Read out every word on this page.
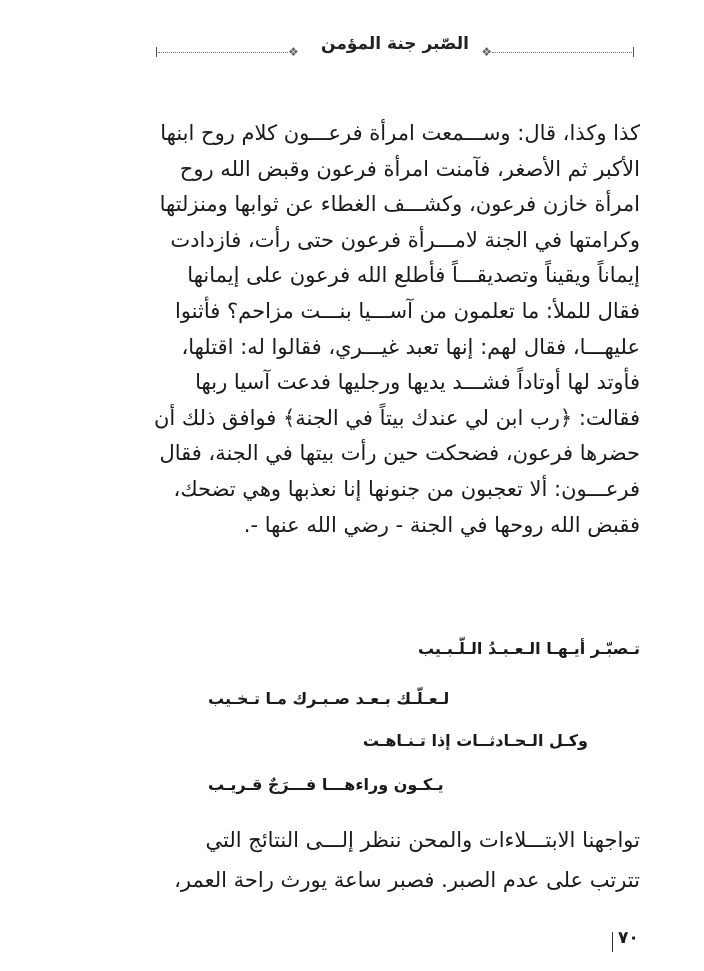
❖	الصّبر جنة المؤمن	❖
كذا وكذا، قال: وســـمعت امرأة فرعـــون كلام روح ابنها
الأكبر ثم الأصغر، فآمنت امرأة فرعون وقبض الله روح
امرأة خازن فرعون، وكشـــف الغطاء عن ثوابها ومنزلتها
وكرامتها في الجنة لامـــرأة فرعون حتى رأت، فازدادت
إيماناً ويقيناً وتصديقـــاً فأطلع الله فرعون على إيمانها
فقال للملأ: ما تعلمون من آســـيا بنـــت مزاحم؟ فأثنوا
عليهـــا، فقال لهم: إنها تعبد غيـــري، فقالوا له: اقتلها،
فأوتد لها أوتاداً فشـــد يديها ورجليها فدعت آسيا ربها
فقالت: ﴿رب ابن لي عندك بيتاً في الجنة﴾ فوافق ذلك أن
حضرها فرعون، فضحكت حين رأت بيتها في الجنة، فقال
فرعـــون: ألا تعجبون من جنونها إنا نعذبها وهي تضحك،
فقبض الله روحها في الجنة - رضي الله عنها -.
تـصبّـر أيـهـا الـعـبـدُ الـلّـبـيب
لـعـلّـك بـعـد صـبـرك مـا تـخـيب
وكـل الـحـادثــات إذا تـنـاهـت
يـكـون وراءهـــا فـــرَجٌ قـريـب
تواجهنا الابتـــلاءات والمحن ننظر إلـــى النتائج التي
تترتب على عدم الصبر. فصبر ساعة يورث راحة العمر،
٧٠
